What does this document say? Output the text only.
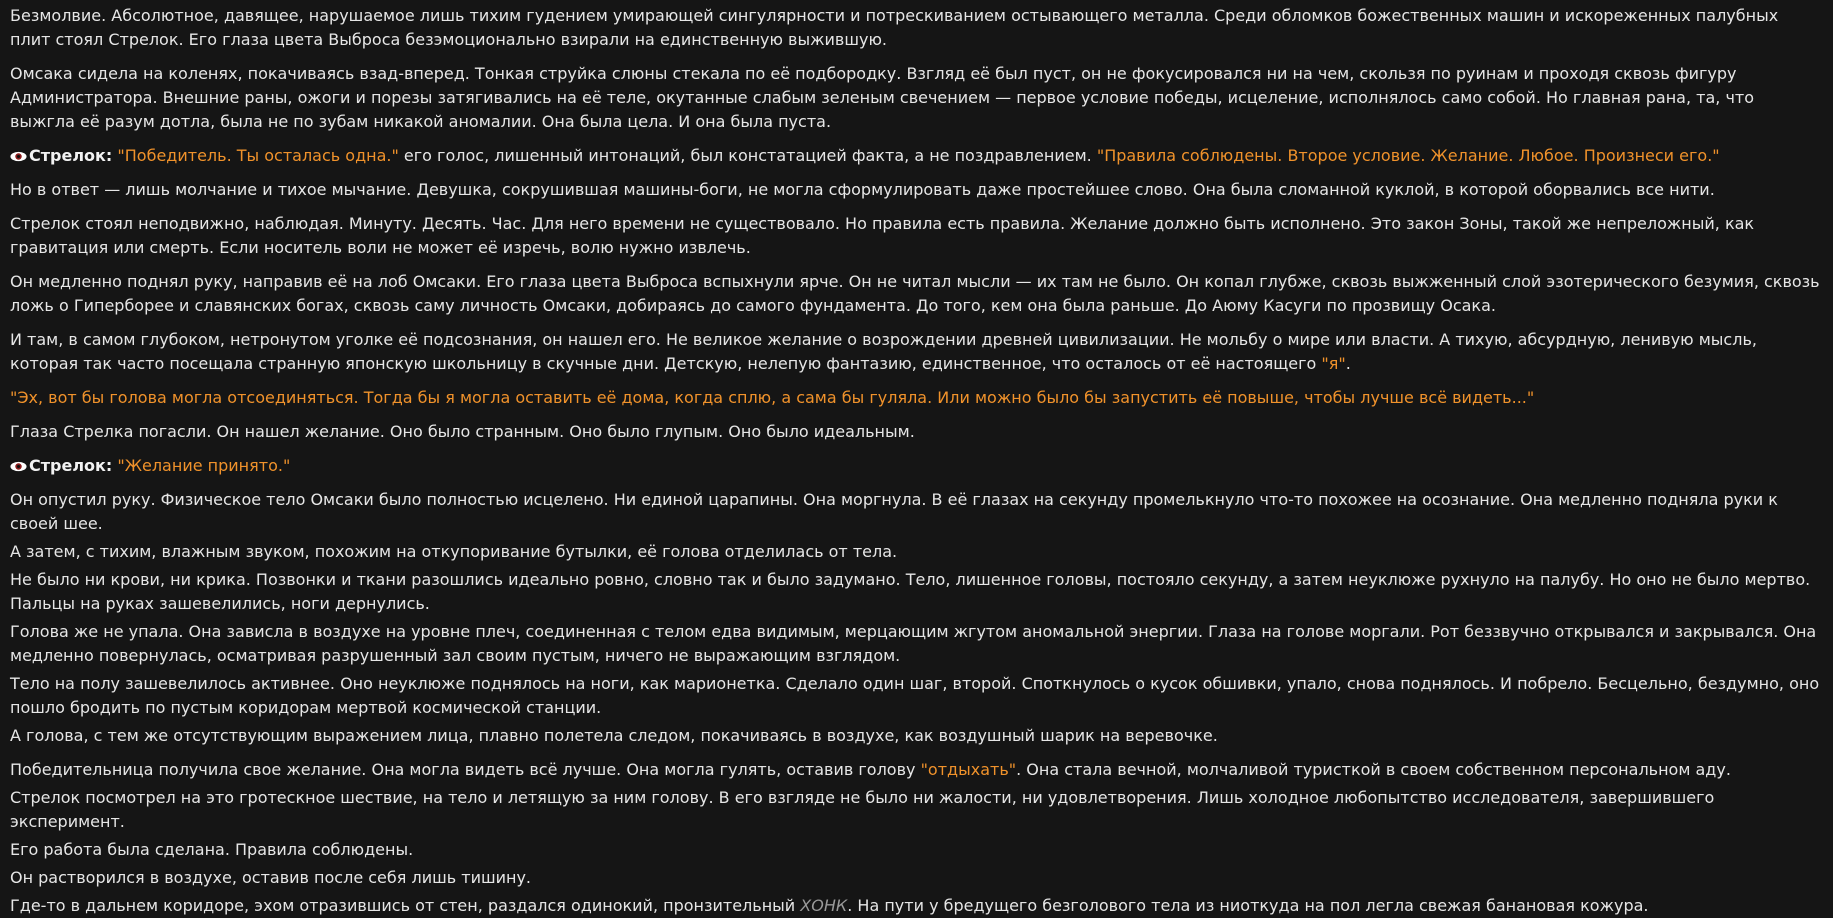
Безмолвие. Абсолютное, давящее, нарушаемое лишь тихим гудением умирающей сингулярности и потрескиванием остывающего металла. Среди обломков божественных машин и искореженных палубных плит стоял Стрелок. Его глаза цвета Выброса безэмоционально взирали на единственную выжившую.

Омсака сидела на коленях, покачиваясь взад-вперед. Тонкая струйка слюны стекала по её подбородку. Взгляд её был пуст, он не фокусировался ни на чем, скользя по руинам и проходя сквозь фигуру Администратора. Внешние раны, ожоги и порезы затягивались на её теле, окутанные слабым зеленым свечением — первое условие победы, исцеление, исполнялось само собой. Но главная рана, та, что выжгла её разум дотла, была не по зубам никакой аномалии. Она была цела. И она была пуста.

Стрелок: "Победитель. Ты осталась одна." его голос, лишенный интонаций, был констатацией факта, а не поздравлением. "Правила соблюдены. Второе условие. Желание. Любое. Произнеси его."

Но в ответ — лишь молчание и тихое мычание. Девушка, сокрушившая машины-боги, не могла сформулировать даже простейшее слово. Она была сломанной куклой, в которой оборвались все нити.

Стрелок стоял неподвижно, наблюдая. Минуту. Десять. Час. Для него времени не существовало. Но правила есть правила. Желание должно быть исполнено. Это закон Зоны, такой же непреложный, как гравитация или смерть. Если носитель воли не может её изречь, волю нужно извлечь.

Он медленно поднял руку, направив её на лоб Омсаки. Его глаза цвета Выброса вспыхнули ярче. Он не читал мысли — их там не было. Он копал глубже, сквозь выжженный слой эзотерического безумия, сквозь ложь о Гиперборее и славянских богах, сквозь саму личность Омсаки, добираясь до самого фундамента. До того, кем она была раньше. До Аюму Касуги по прозвищу Осака.

И там, в самом глубоком, нетронутом уголке её подсознания, он нашел его. Не великое желание о возрождении древней цивилизации. Не мольбу о мире или власти. А тихую, абсурдную, ленивую мысль, которая так часто посещала странную японскую школьницу в скучные дни. Детскую, нелепую фантазию, единственное, что осталось от её настоящего "я".

"Эх, вот бы голова могла отсоединяться. Тогда бы я могла оставить её дома, когда сплю, а сама бы гуляла. Или можно было бы запустить её повыше, чтобы лучше всё видеть..."

Глаза Стрелка погасли. Он нашел желание. Оно было странным. Оно было глупым. Оно было идеальным.

Стрелок: "Желание принято."

Он опустил руку. Физическое тело Омсаки было полностью исцелено. Ни единой царапины. Она моргнула. В её глазах на секунду промелькнуло что-то похожее на осознание. Она медленно подняла руки к своей шее.

А затем, с тихим, влажным звуком, похожим на откупоривание бутылки, её голова отделилась от тела.

Не было ни крови, ни крика. Позвонки и ткани разошлись идеально ровно, словно так и было задумано. Тело, лишенное головы, постояло секунду, а затем неуклюже рухнуло на палубу. Но оно не было мертво. Пальцы на руках зашевелились, ноги дернулись.

Голова же не упала. Она зависла в воздухе на уровне плеч, соединенная с телом едва видимым, мерцающим жгутом аномальной энергии. Глаза на голове моргали. Рот беззвучно открывался и закрывался. Она медленно повернулась, осматривая разрушенный зал своим пустым, ничего не выражающим взглядом.

Тело на полу зашевелилось активнее. Оно неуклюже поднялось на ноги, как марионетка. Сделало один шаг, второй. Споткнулось о кусок обшивки, упало, снова поднялось. И побрело. Бесцельно, бездумно, оно пошло бродить по пустым коридорам мертвой космической станции.

А голова, с тем же отсутствующим выражением лица, плавно полетела следом, покачиваясь в воздухе, как воздушный шарик на веревочке.

Победительница получила свое желание. Она могла видеть всё лучше. Она могла гулять, оставив голову "отдыхать". Она стала вечной, молчаливой туристкой в своем собственном персональном аду.

Стрелок посмотрел на это гротескное шествие, на тело и летящую за ним голову. В его взгляде не было ни жалости, ни удовлетворения. Лишь холодное любопытство исследователя, завершившего эксперимент.

Его работа была сделана. Правила соблюдены.

Он растворился в воздухе, оставив после себя лишь тишину.

Где-то в дальнем коридоре, эхом отразившись от стен, раздался одинокий, пронзительный ХОНК. На пути у бредущего безголового тела из ниоткуда на пол легла свежая банановая кожура.
